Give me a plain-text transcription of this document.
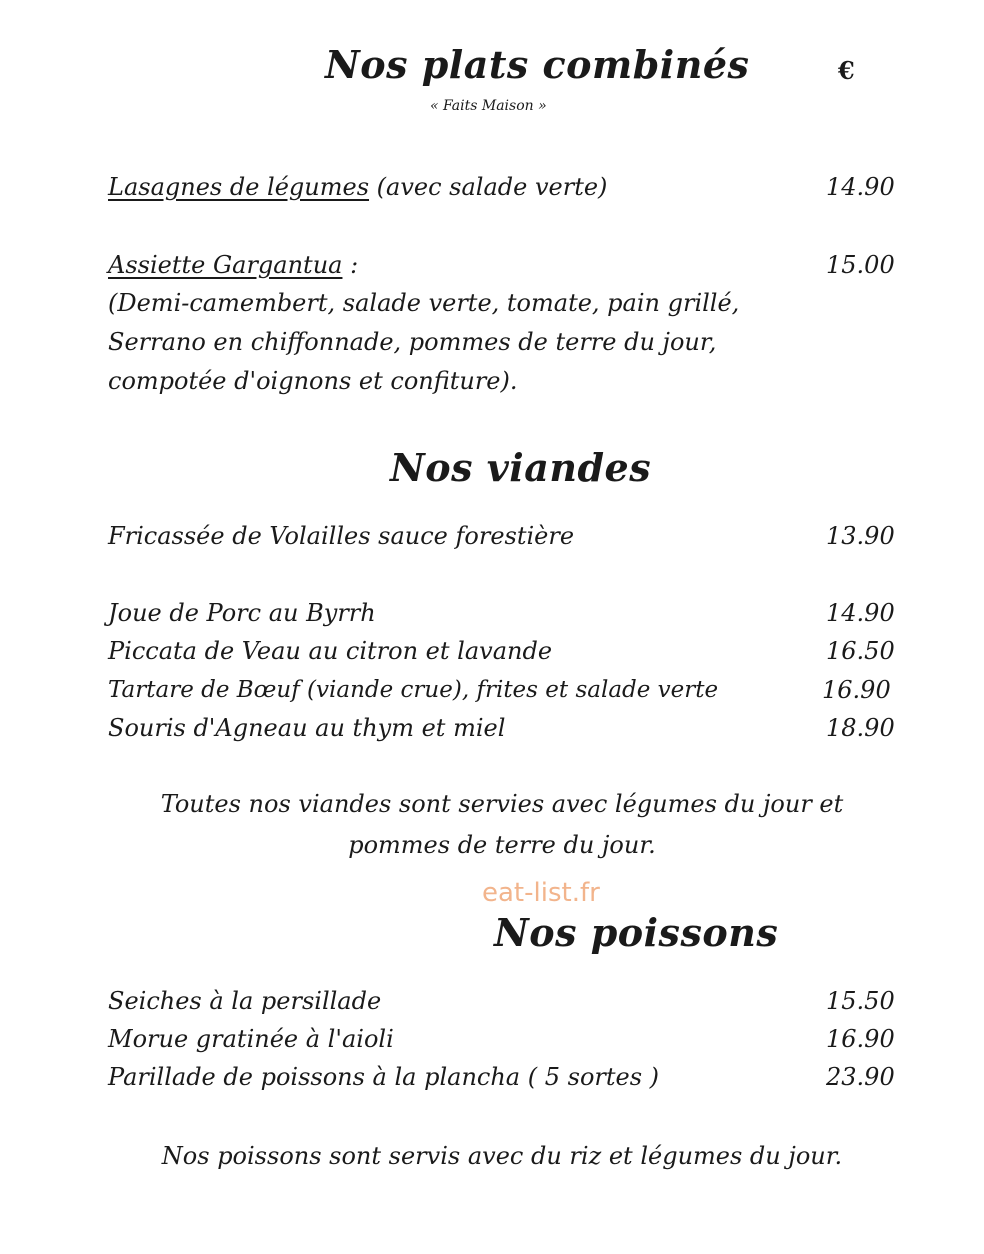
Nos plats combinés	€
« Faits Maison »
Lasagnes de légumes (avec salade verte)	14.90
Assiette Gargantua :	15.00
(Demi-camembert, salade verte, tomate, pain grillé,
Serrano en chiffonnade, pommes de terre du jour,
compotée d'oignons et confiture).
Nos viandes
Fricassée de Volailles sauce forestière	13.90
Joue de Porc au Byrrh	14.90
Piccata de Veau au citron et lavande	16.50
Tartare de Bœuf (viande crue), frites et salade verte	16.90
Souris d'Agneau au thym et miel	18.90
Toutes nos viandes sont servies avec légumes du jour et
pommes de terre du jour.
eat-list.fr
Nos poissons
Seiches à la persillade	15.50
Morue gratinée à l'aioli	16.90
Parillade de poissons à la plancha ( 5 sortes )	23.90
Nos poissons sont servis avec du riz et légumes du jour.
